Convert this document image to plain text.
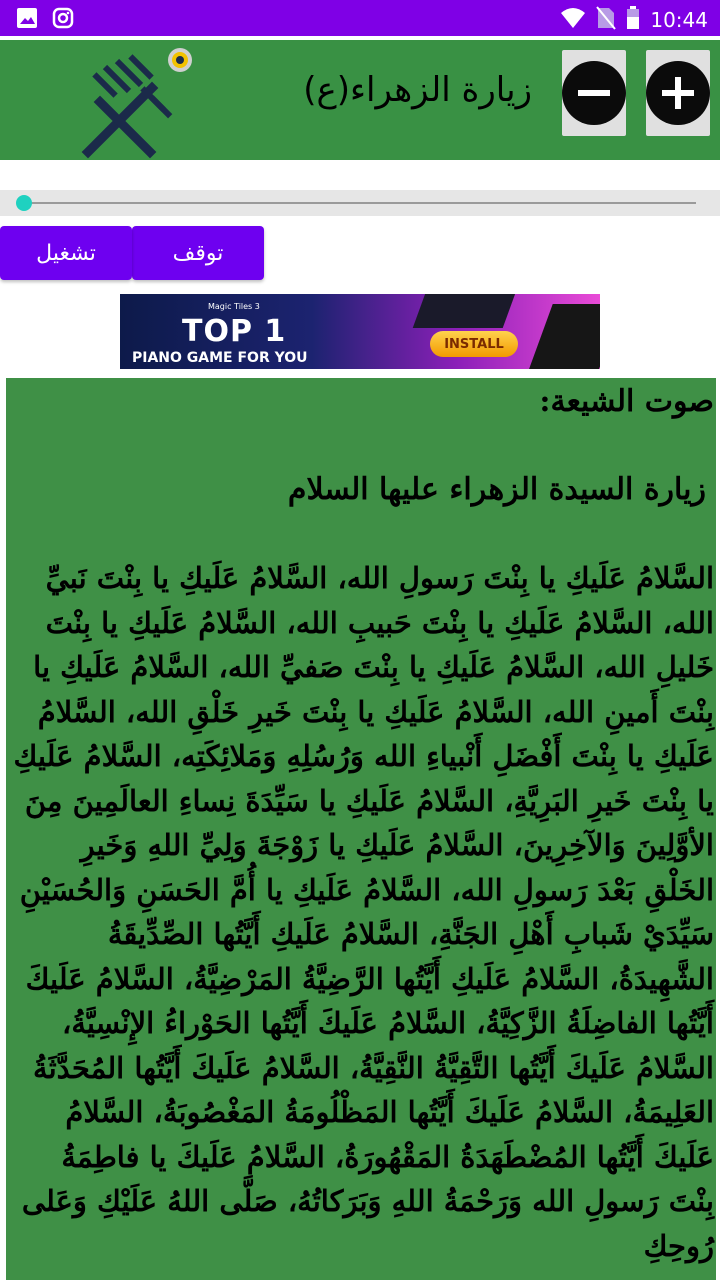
10:44
زيارة الزهراء(ع)
توقف
تشغيل
Magic Tiles 3
TOP 1
PIANO GAME FOR YOU
INSTALL
صوت الشيعة:
زيارة السيدة الزهراء عليها السلام
السَّلامُ عَلَيكِ يا بِنْتَ رَسولِ الله، السَّلامُ عَلَيكِ يا بِنْتَ نَبيِّ الله، السَّلامُ عَلَيكِ يا بِنْتَ حَبيبِ الله، السَّلامُ عَلَيكِ يا بِنْتَ خَليلِ الله، السَّلامُ عَلَيكِ يا بِنْتَ صَفيِّ الله، السَّلامُ عَلَيكِ يا بِنْتَ أَمينِ الله، السَّلامُ عَلَيكِ يا بِنْتَ خَيرِ خَلْقِ الله، السَّلامُ عَلَيكِ يا بِنْتَ أَفْضَلِ أَنْبياءِ الله وَرُسُلِهِ وَمَلائِكَتِه، السَّلامُ عَلَيكِ يا بِنْتَ خَيرِ البَرِيَّةِ، السَّلامُ عَلَيكِ يا سَيِّدَةَ نِساءِ العالَمِينَ مِنَ الأوَّلِينَ وَالآخِرِينَ، السَّلامُ عَلَيكِ يا زَوْجَةَ وَلِيِّ اللهِ وَخَيرِ الخَلْقِ بَعْدَ رَسولِ الله، السَّلامُ عَلَيكِ يا أُمَّ الحَسَنِ وَالحُسَيْنِ سَيِّدَيْ شَبابِ أَهْلِ الجَنَّةِ، السَّلامُ عَلَيكِ أَيَّتُها الصِّدِّيقَةُ الشَّهِيدَةُ، السَّلامُ عَلَيكِ أَيَّتُها الرَّضِيَّةُ المَرْضِيَّةُ، السَّلامُ عَلَيكَ أَيَّتُها الفاضِلَةُ الزَّكِيَّةُ، السَّلامُ عَلَيكَ أَيَّتُها الحَوْراءُ الإِنْسِيَّةُ، السَّلامُ عَلَيكَ أَيَّتُها التَّقِيَّةُ النَّقِيَّةُ، السَّلامُ عَلَيكَ أَيَّتُها المُحَدَّثَةُ العَلِيمَةُ، السَّلامُ عَلَيكَ أَيَّتُها المَظْلُومَةُ المَغْصُوبَةُ، السَّلامُ عَلَيكَ أَيَّتُها المُضْطَهَدَةُ المَقْهُورَةُ، السَّلامُ عَلَيكَ يا فاطِمَةُ بِنْتَ رَسولِ الله وَرَحْمَةُ اللهِ وَبَرَكاتُهُ، صَلَّى اللهُ عَلَيْكِ وَعَلى رُوحِكِ
